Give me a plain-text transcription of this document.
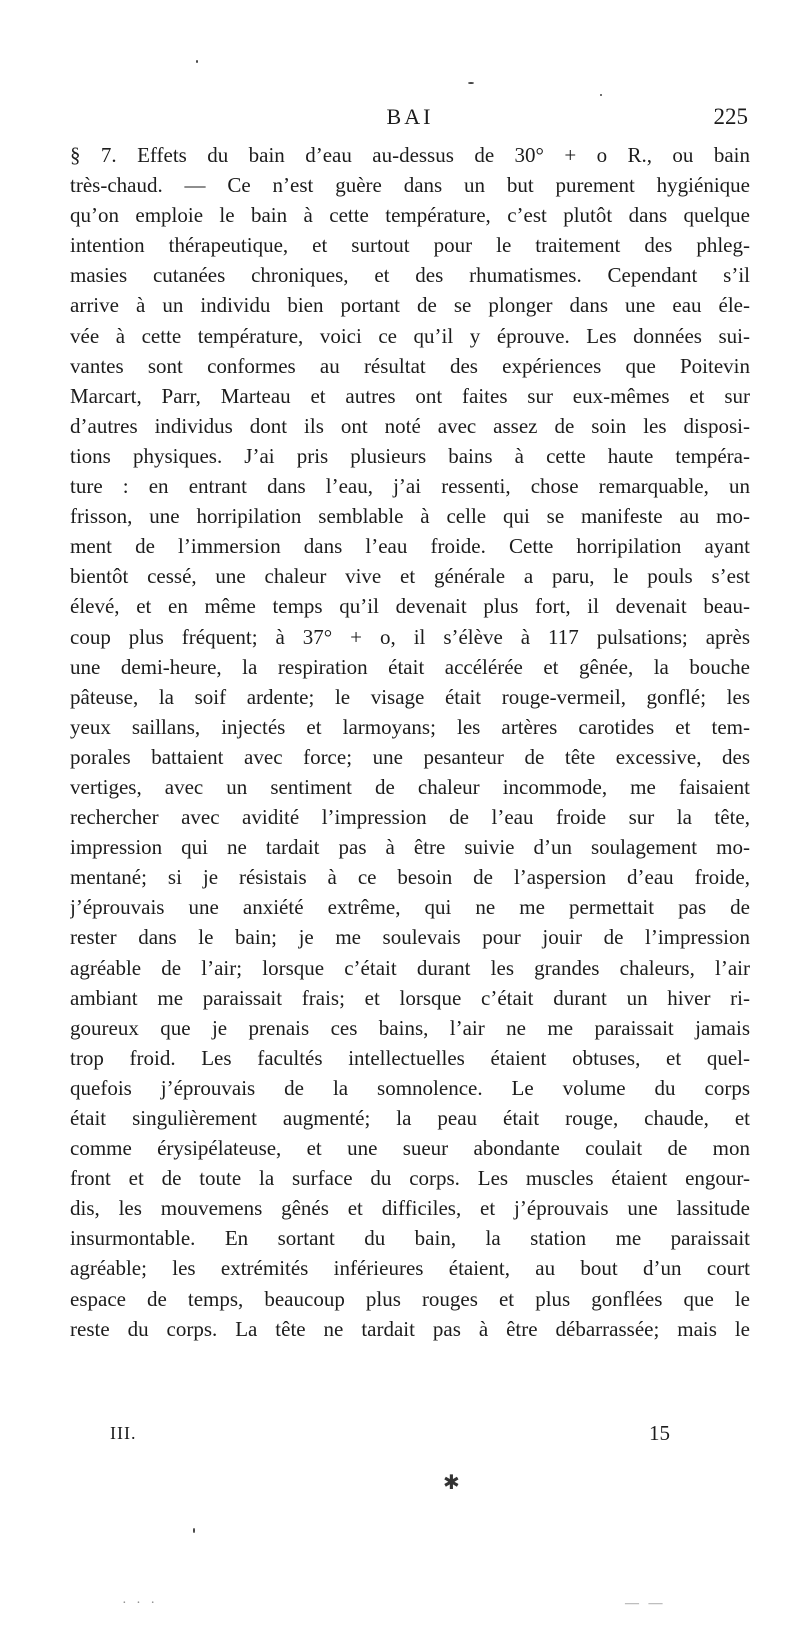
BAI	225
§ 7. Effets du bain d’eau au-dessus de 30° + o R., ou bain
très-chaud. — Ce n’est guère dans un but purement hygiénique
qu’on emploie le bain à cette température, c’est plutôt dans quelque
intention thérapeutique, et surtout pour le traitement des phleg-
masies cutanées chroniques, et des rhumatismes. Cependant s’il
arrive à un individu bien portant de se plonger dans une eau éle-
vée à cette température, voici ce qu’il y éprouve. Les données sui-
vantes sont conformes au résultat des expériences que Poitevin
Marcart, Parr, Marteau et autres ont faites sur eux-mêmes et sur
d’autres individus dont ils ont noté avec assez de soin les disposi-
tions physiques. J’ai pris plusieurs bains à cette haute tempéra-
ture : en entrant dans l’eau, j’ai ressenti, chose remarquable, un
frisson, une horripilation semblable à celle qui se manifeste au mo-
ment de l’immersion dans l’eau froide. Cette horripilation ayant
bientôt cessé, une chaleur vive et générale a paru, le pouls s’est
élevé, et en même temps qu’il devenait plus fort, il devenait beau-
coup plus fréquent; à 37° + o, il s’élève à 117 pulsations; après
une demi-heure, la respiration était accélérée et gênée, la bouche
pâteuse, la soif ardente; le visage était rouge-vermeil, gonflé; les
yeux saillans, injectés et larmoyans; les artères carotides et tem-
porales battaient avec force; une pesanteur de tête excessive, des
vertiges, avec un sentiment de chaleur incommode, me faisaient
rechercher avec avidité l’impression de l’eau froide sur la tête,
impression qui ne tardait pas à être suivie d’un soulagement mo-
mentané; si je résistais à ce besoin de l’aspersion d’eau froide,
j’éprouvais une anxiété extrême, qui ne me permettait pas de
rester dans le bain; je me soulevais pour jouir de l’impression
agréable de l’air; lorsque c’était durant les grandes chaleurs, l’air
ambiant me paraissait frais; et lorsque c’était durant un hiver ri-
goureux que je prenais ces bains, l’air ne me paraissait jamais
trop froid. Les facultés intellectuelles étaient obtuses, et quel-
quefois j’éprouvais de la somnolence. Le volume du corps
était singulièrement augmenté; la peau était rouge, chaude, et
comme érysipélateuse, et une sueur abondante coulait de mon
front et de toute la surface du corps. Les muscles étaient engour-
dis, les mouvemens gênés et difficiles, et j’éprouvais une lassitude
insurmontable. En sortant du bain, la station me paraissait
agréable; les extrémités inférieures étaient, au bout d’un court
espace de temps, beaucoup plus rouges et plus gonflées que le
reste du corps. La tête ne tardait pas à être débarrassée; mais le
III.	15
✱
· · ·	— —
